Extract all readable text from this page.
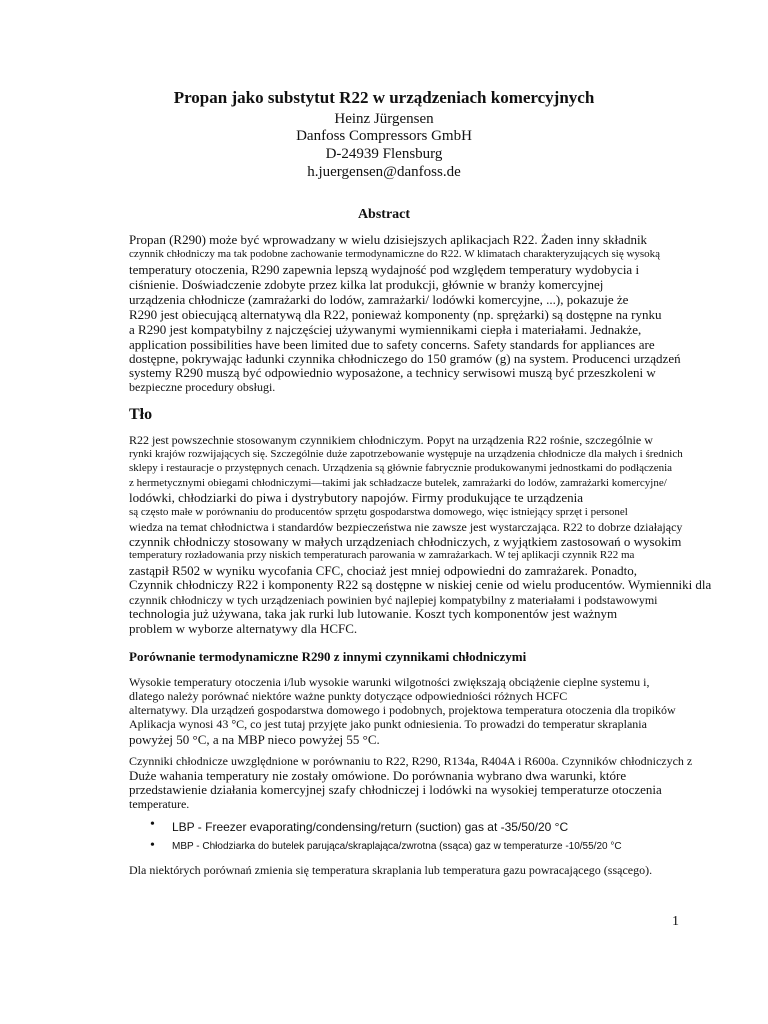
Propan jako substytut R22 w urządzeniach komercyjnych
Heinz Jürgensen
Danfoss Compressors GmbH
D-24939 Flensburg
h.juergensen@danfoss.de
Abstract
Propan (R290) może być wprowadzany w wielu dzisiejszych aplikacjach R22. Żaden inny składnik
czynnik chłodniczy ma tak podobne zachowanie termodynamiczne do R22. W klimatach charakteryzujących się wysoką
temperatury otoczenia, R290 zapewnia lepszą wydajność pod względem temperatury wydobycia i
ciśnienie. Doświadczenie zdobyte przez kilka lat produkcji, głównie w branży komercyjnej
urządzenia chłodnicze (zamrażarki do lodów, zamrażarki/ lodówki komercyjne, ...), pokazuje że
R290 jest obiecującą alternatywą dla R22, ponieważ komponenty (np. sprężarki) są dostępne na rynku
a R290 jest kompatybilny z najczęściej używanymi wymiennikami ciepła i materiałami. Jednakże,
application possibilities have been limited due to safety concerns. Safety standards for appliances are
dostępne, pokrywając ładunki czynnika chłodniczego do 150 gramów (g) na system. Producenci urządzeń
systemy R290 muszą być odpowiednio wyposażone, a technicy serwisowi muszą być przeszkoleni w
bezpieczne procedury obsługi.
Tło
R22 jest powszechnie stosowanym czynnikiem chłodniczym. Popyt na urządzenia R22 rośnie, szczególnie w
rynki krajów rozwijających się. Szczególnie duże zapotrzebowanie występuje na urządzenia chłodnicze dla małych i średnich
sklepy i restauracje o przystępnych cenach. Urządzenia są głównie fabrycznie produkowanymi jednostkami do podłączenia
z hermetycznymi obiegami chłodniczymi—takimi jak schładzacze butelek, zamrażarki do lodów, zamrażarki komercyjne/
lodówki, chłodziarki do piwa i dystrybutory napojów. Firmy produkujące te urządzenia
są często małe w porównaniu do producentów sprzętu gospodarstwa domowego, więc istniejący sprzęt i personel
wiedza na temat chłodnictwa i standardów bezpieczeństwa nie zawsze jest wystarczająca. R22 to dobrze działający
czynnik chłodniczy stosowany w małych urządzeniach chłodniczych, z wyjątkiem zastosowań o wysokim
temperatury rozładowania przy niskich temperaturach parowania w zamrażarkach. W tej aplikacji czynnik R22 ma
zastąpił R502 w wyniku wycofania CFC, chociaż jest mniej odpowiedni do zamrażarek. Ponadto,
Czynnik chłodniczy R22 i komponenty R22 są dostępne w niskiej cenie od wielu producentów. Wymienniki dla
czynnik chłodniczy w tych urządzeniach powinien być najlepiej kompatybilny z materiałami i podstawowymi
technologia już używana, taka jak rurki lub lutowanie. Koszt tych komponentów jest ważnym
problem w wyborze alternatywy dla HCFC.
Porównanie termodynamiczne R290 z innymi czynnikami chłodniczymi
Wysokie temperatury otoczenia i/lub wysokie warunki wilgotności zwiększają obciążenie cieplne systemu i,
dlatego należy porównać niektóre ważne punkty dotyczące odpowiedniości różnych HCFC
alternatywy. Dla urządzeń gospodarstwa domowego i podobnych, projektowa temperatura otoczenia dla tropików
Aplikacja wynosi 43 °C, co jest tutaj przyjęte jako punkt odniesienia. To prowadzi do temperatur skraplania
powyżej 50 °C, a na MBP nieco powyżej 55 °C.
Czynniki chłodnicze uwzględnione w porównaniu to R22, R290, R134a, R404A i R600a. Czynników chłodniczych z
Duże wahania temperatury nie zostały omówione. Do porównania wybrano dwa warunki, które
przedstawienie działania komercyjnej szafy chłodniczej i lodówki na wysokiej temperaturze otoczenia
temperature.
• LBP - Freezer evaporating/condensing/return (suction) gas at -35/50/20 °C
• MBP - Chłodziarka do butelek parująca/skraplająca/zwrotna (ssąca) gaz w temperaturze -10/55/20 °C
Dla niektórych porównań zmienia się temperatura skraplania lub temperatura gazu powracającego (ssącego).
1
